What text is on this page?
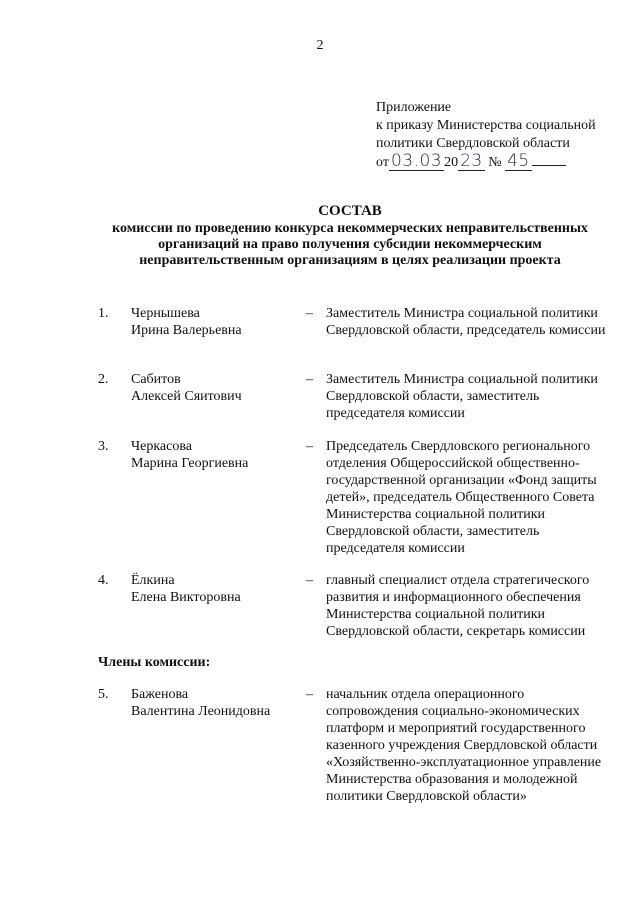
2
Приложение
к приказу Министерства социальной
политики Свердловской области
от 03.03 20 23 № 45
СОСТАВ
комиссии по проведению конкурса некоммерческих неправительственных
организаций на право получения субсидии некоммерческим
неправительственным организациям в целях реализации проекта
1. Чернышева
Ирина Валерьевна
– Заместитель Министра социальной политики Свердловской области, председатель комиссии
2. Сабитов
Алексей Сяитович
– Заместитель Министра социальной политики Свердловской области, заместитель председателя комиссии
3. Черкасова
Марина Георгиевна
– Председатель Свердловского регионального отделения Общероссийской общественно-государственной организации «Фонд защиты детей», председатель Общественного Совета Министерства социальной политики Свердловской области, заместитель председателя комиссии
4. Ёлкина
Елена Викторовна
– главный специалист отдела стратегического развития и информационного обеспечения Министерства социальной политики Свердловской области, секретарь комиссии
Члены комиссии:
5. Баженова
Валентина Леонидовна
– начальник отдела операционного сопровождения социально-экономических платформ и мероприятий государственного казенного учреждения Свердловской области «Хозяйственно-эксплуатационное управление Министерства образования и молодежной политики Свердловской области»
